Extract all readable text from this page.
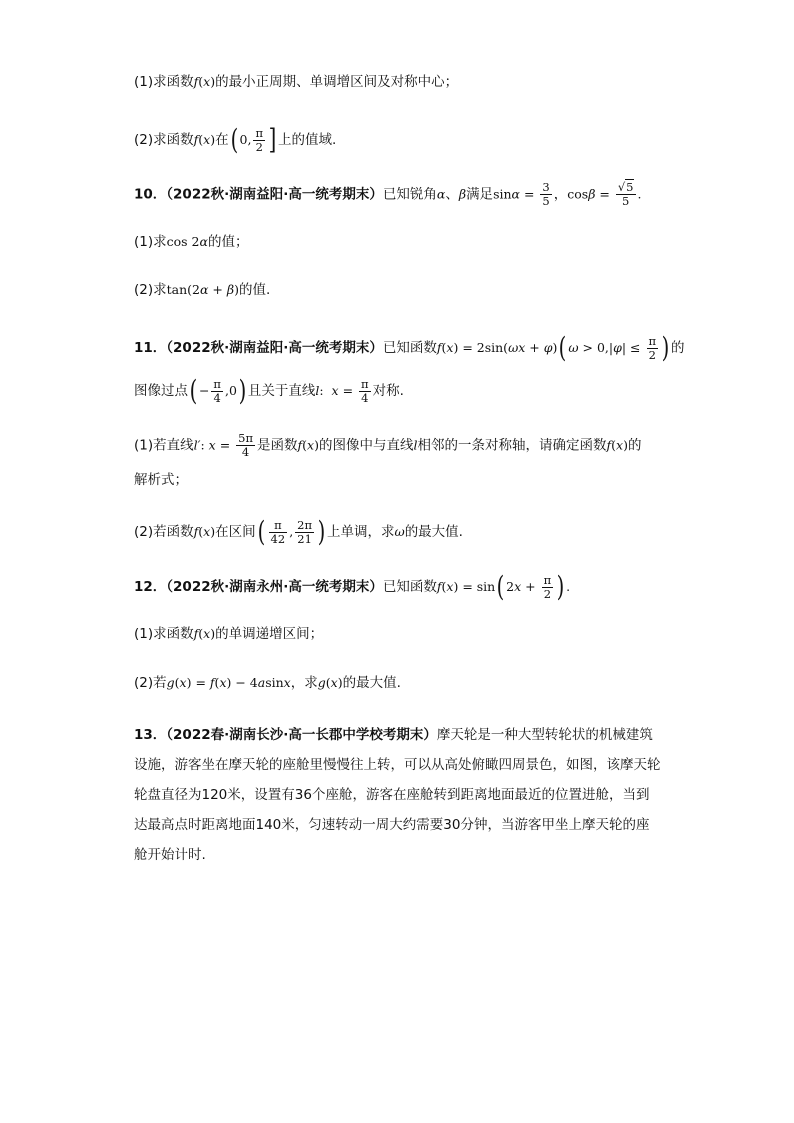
(1)求函数f(x)的最小正周期、单调增区间及对称中心；
(2)求函数f(x)在( 0, $\frac{\pi}{2}$ ] 上的值域.
10．（2022秋·湖南益阳·高一统考期末）已知锐角α、β满足$\sin\alpha = \frac{3}{5}$ ，$\cos\beta = \frac{√5}{5}$ .
(1)求cos 2α的值；
(2)求tan(2α + β)的值.
11．（2022秋·湖南益阳·高一统考期末）已知函数f(x) = 2sin(ωx + φ)( $\omega > 0,|\varphi| \le \frac{\pi}{2}$ ) 的
图像过点( − $\frac{\pi}{4} ,0$) 且关于直线l:  $x = \frac{\pi}{4}$ 对称.
(1)若直线l′: $x = \frac{5\pi}{4}$ 是函数f(x)的图像中与直线l相邻的一条对称轴，请确定函数f(x)的
解析式；
(2)若函数f(x)在区间( $\frac{\pi}{42}$ , $\frac{2\pi}{21}$ ) 上单调，求ω的最大值.
12．（2022秋·湖南永州·高一统考期末）已知函数f(x) = sin( $2x + \frac{\pi}{2}$ ) .
(1)求函数f(x)的单调递增区间；
(2)若g(x) = f(x) − 4asinx，求g(x)的最大值.
13．（2022春·湖南长沙·高一长郡中学校考期末）摩天轮是一种大型转轮状的机械建筑设施，游客坐在摩天轮的座舱里慢慢往上转，可以从高处俯瞰四周景色，如图，该摩天轮轮盘直径为120米，设置有36个座舱，游客在座舱转到距离地面最近的位置进舱，当到达最高点时距离地面140米，匀速转动一周大约需要30分钟，当游客甲坐上摩天轮的座舱开始计时.
